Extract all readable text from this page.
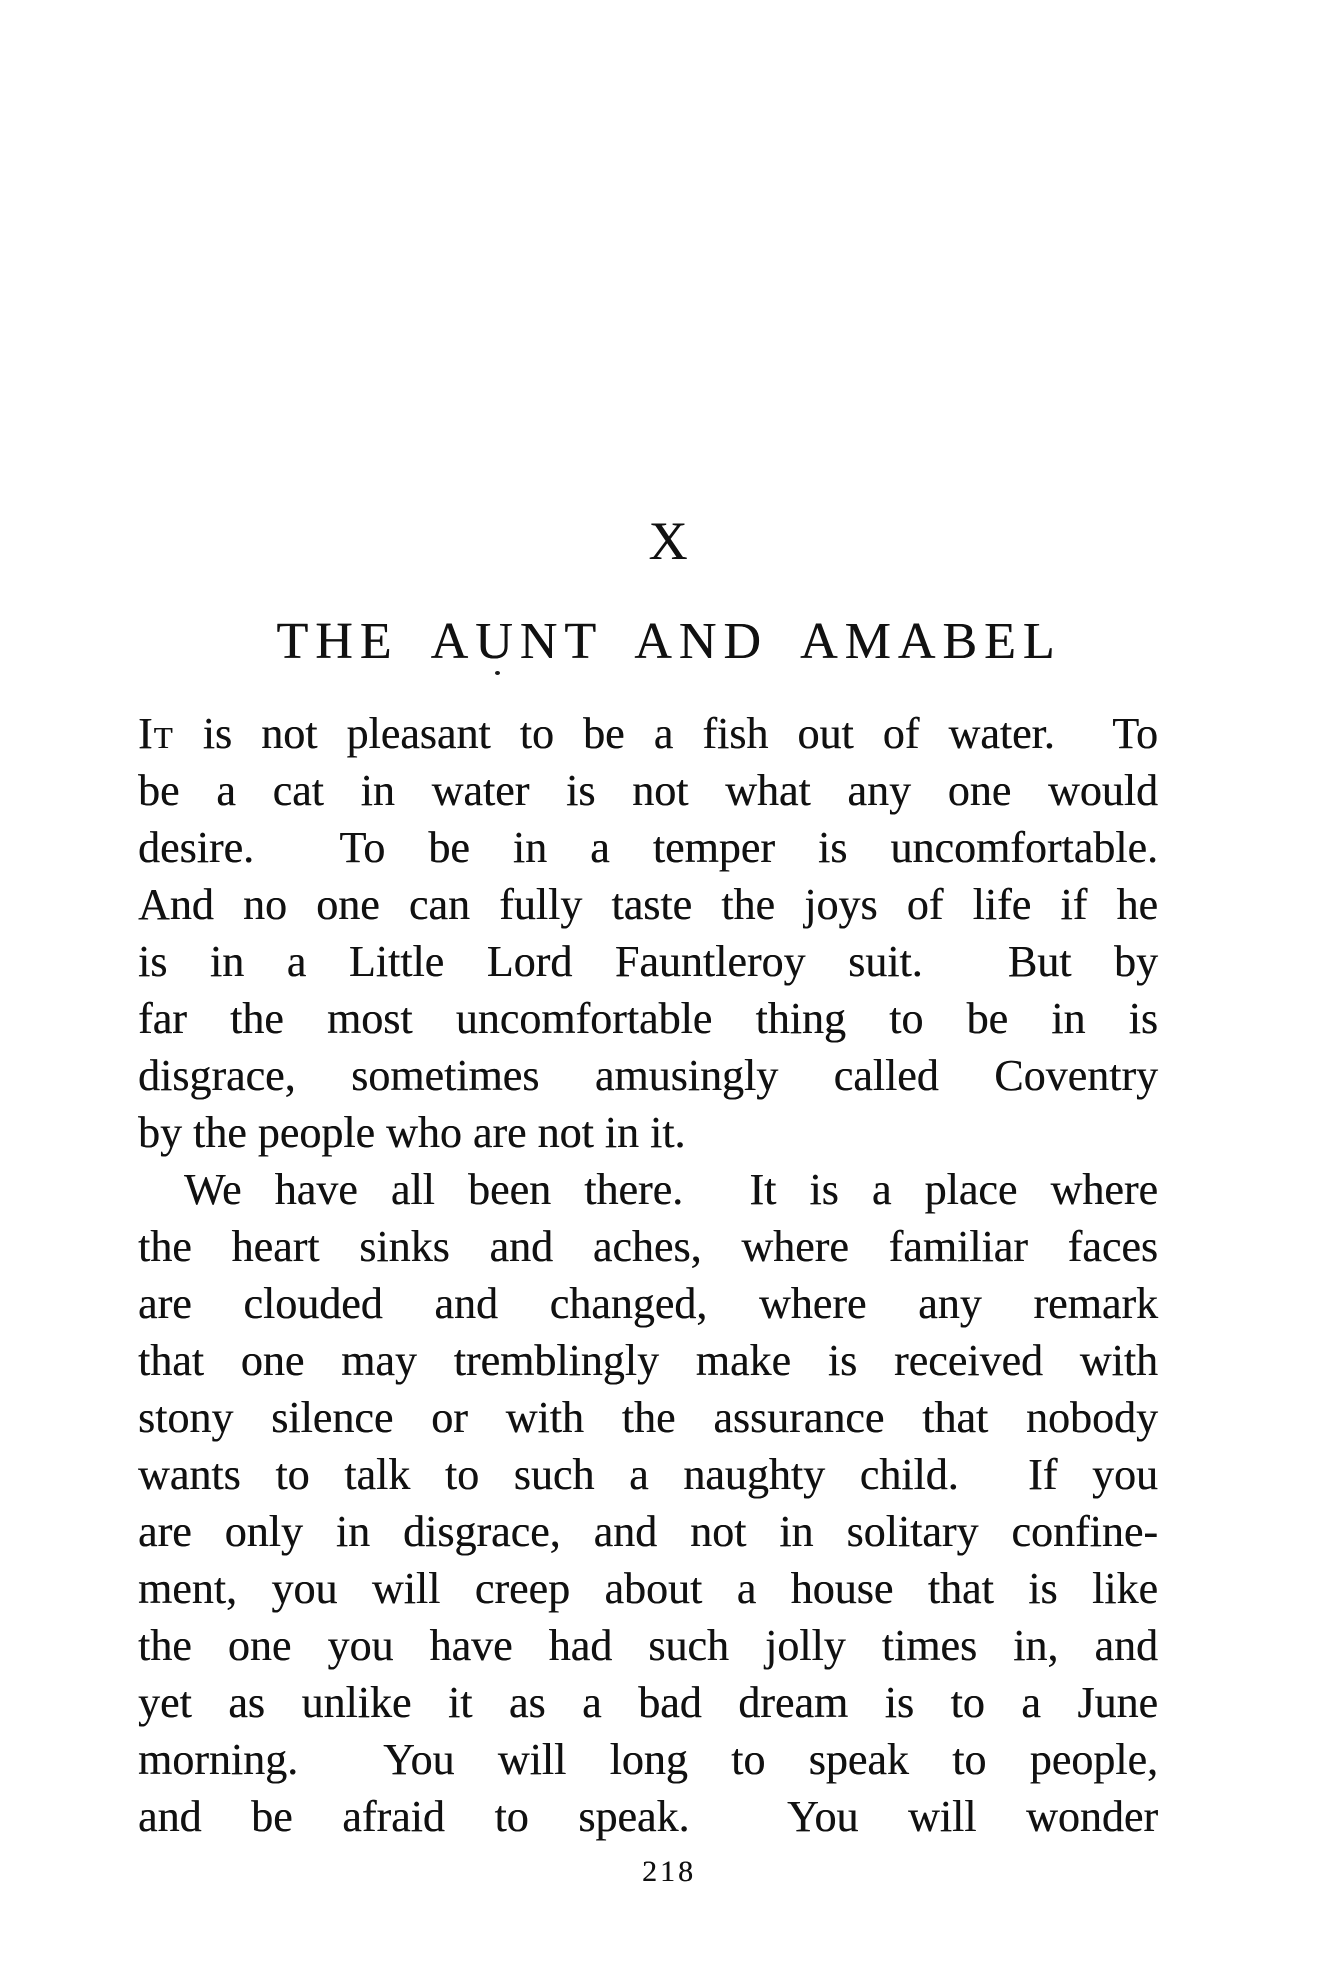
X
THE AUNT AND AMABEL
It is not pleasant to be a fish out of water.  To
be a cat in water is not what any one would
desire.  To be in a temper is uncomfortable.
And no one can fully taste the joys of life if he
is in a Little Lord Fauntleroy suit.  But by
far the most uncomfortable thing to be in is
disgrace, sometimes amusingly called Coventry
by the people who are not in it.
We have all been there.  It is a place where
the heart sinks and aches, where familiar faces
are clouded and changed, where any remark
that one may tremblingly make is received with
stony silence or with the assurance that nobody
wants to talk to such a naughty child.  If you
are only in disgrace, and not in solitary confine-
ment, you will creep about a house that is like
the one you have had such jolly times in, and
yet as unlike it as a bad dream is to a June
morning.  You will long to speak to people,
and be afraid to speak.  You will wonder
218
